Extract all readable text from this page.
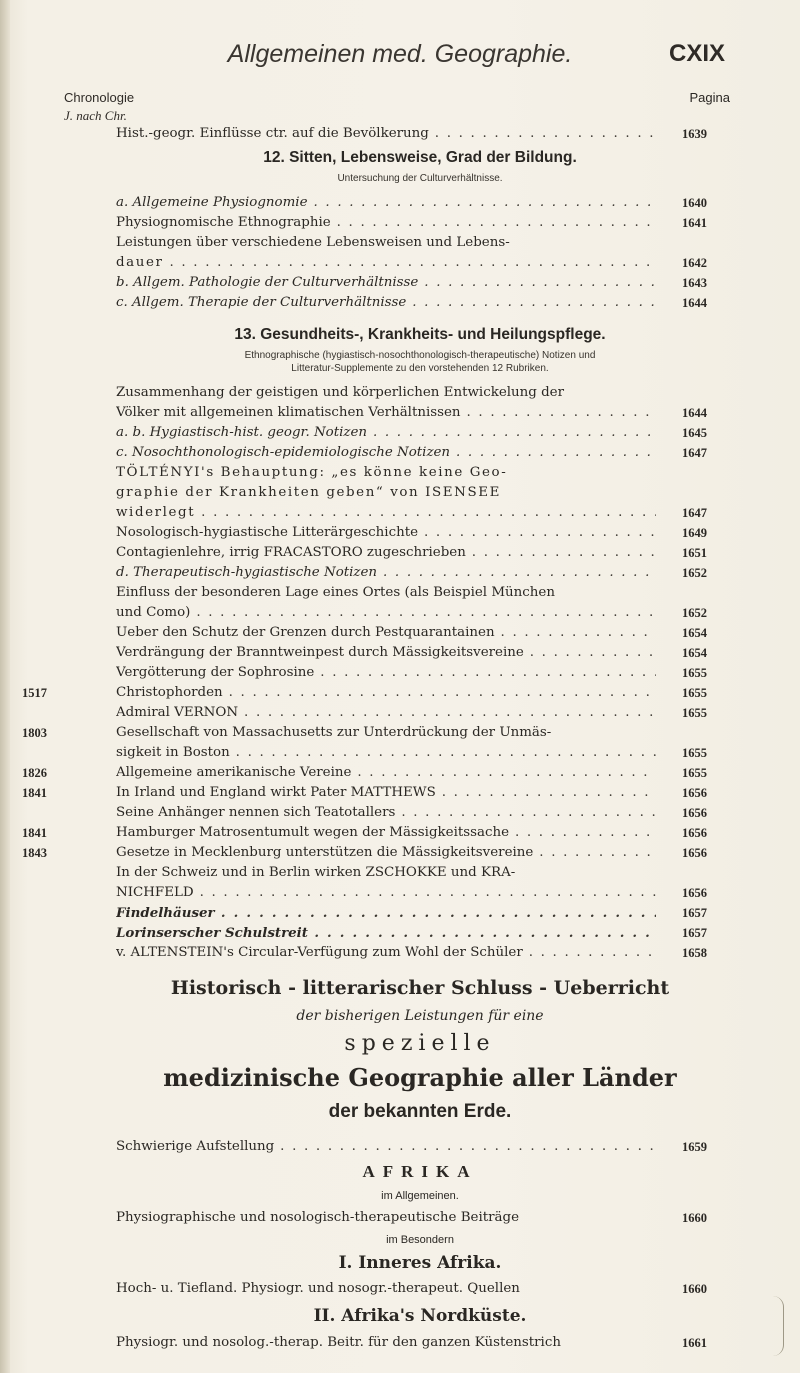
Allgemeinen med. Geographie.	CXIX
Chronologie
J. nach Chr.
Pagina
Hist.-geogr. Einflüsse ctr. auf die Bevölkerung . . .	1639
12. Sitten, Lebensweise, Grad der Bildung.
Untersuchung der Culturverhältnisse.
a. Allgemeine Physiognomie . . .	1640
Physiognomische Ethnographie . . .	1641
Leistungen über verschiedene Lebensweisen und Lebens-
dauer . . .	1642
b. Allgem. Pathologie der Culturverhältnisse . . .	1643
c. Allgem. Therapie der Culturverhältnisse . . .	1644
13. Gesundheits-, Krankheits- und Heilungspflege.
Ethnographische (hygiastisch-nosochthonologisch-therapeutische) Notizen und
Litteratur-Supplemente zu den vorstehenden 12 Rubriken.
Zusammenhang der geistigen und körperlichen Entwickelung der
Völker mit allgemeinen klimatischen Verhältnissen . . .	1644
a. b. Hygiastisch-hist. geogr. Notizen . . .	1645
c. Nosochthonologisch-epidemiologische Notizen . . .	1647
TÖLTÉNYI's Behauptung: „es könne keine Geo-
graphie der Krankheiten geben“ von ISENSEE
widerlegt . . .	1647
Nosologisch-hygiastische Litterärgeschichte . . .	1649
Contagienlehre, irrig FRACASTORO zugeschrieben . . .	1651
d. Therapeutisch-hygiastische Notizen . . .	1652
Einfluss der besonderen Lage eines Ortes (als Beispiel München
und Como) . . .	1652
Ueber den Schutz der Grenzen durch Pestquarantainen . . .	1654
Verdrängung der Branntweinpest durch Mässigkeitsvereine . . .	1654
Vergötterung der Sophrosine . . .	1655
1517	Christophorden . . .	1655
Admiral VERNON . . .	1655
1803	Gesellschaft von Massachusetts zur Unterdrückung der Unmäs-
sigkeit in Boston . . .	1655
1826	Allgemeine amerikanische Vereine . . .	1655
1841	In Irland und England wirkt Pater MATTHEWS . . .	1656
Seine Anhänger nennen sich Teatotallers . . .	1656
1841	Hamburger Matrosentumult wegen der Mässigkeitssache . . .	1656
1843	Gesetze in Mecklenburg unterstützen die Mässigkeitsvereine . . .	1656
In der Schweiz und in Berlin wirken ZSCHOKKE und KRA-
NICHFELD . . .	1656
Findelhäuser . . .	1657
Lorinserscher Schulstreit . . .	1657
v. ALTENSTEIN's Circular-Verfügung zum Wohl der Schüler . . .	1658
Historisch - litterarischer Schluss - Ueberricht
der bisherigen Leistungen für eine
spezielle
medizinische Geographie aller Länder
der bekannten Erde.
Schwierige Aufstellung . . .	1659
AFRIKA
im Allgemeinen.
Physiographische und nosologisch-therapeutische Beiträge	1660
im Besondern
I. Inneres Afrika.
Hoch- u. Tiefland. Physiogr. und nosogr.-therapeut. Quellen	1660
II. Afrika's Nordküste.
Physiogr. und nosolog.-therap. Beitr. für den ganzen Küstenstrich	1661
